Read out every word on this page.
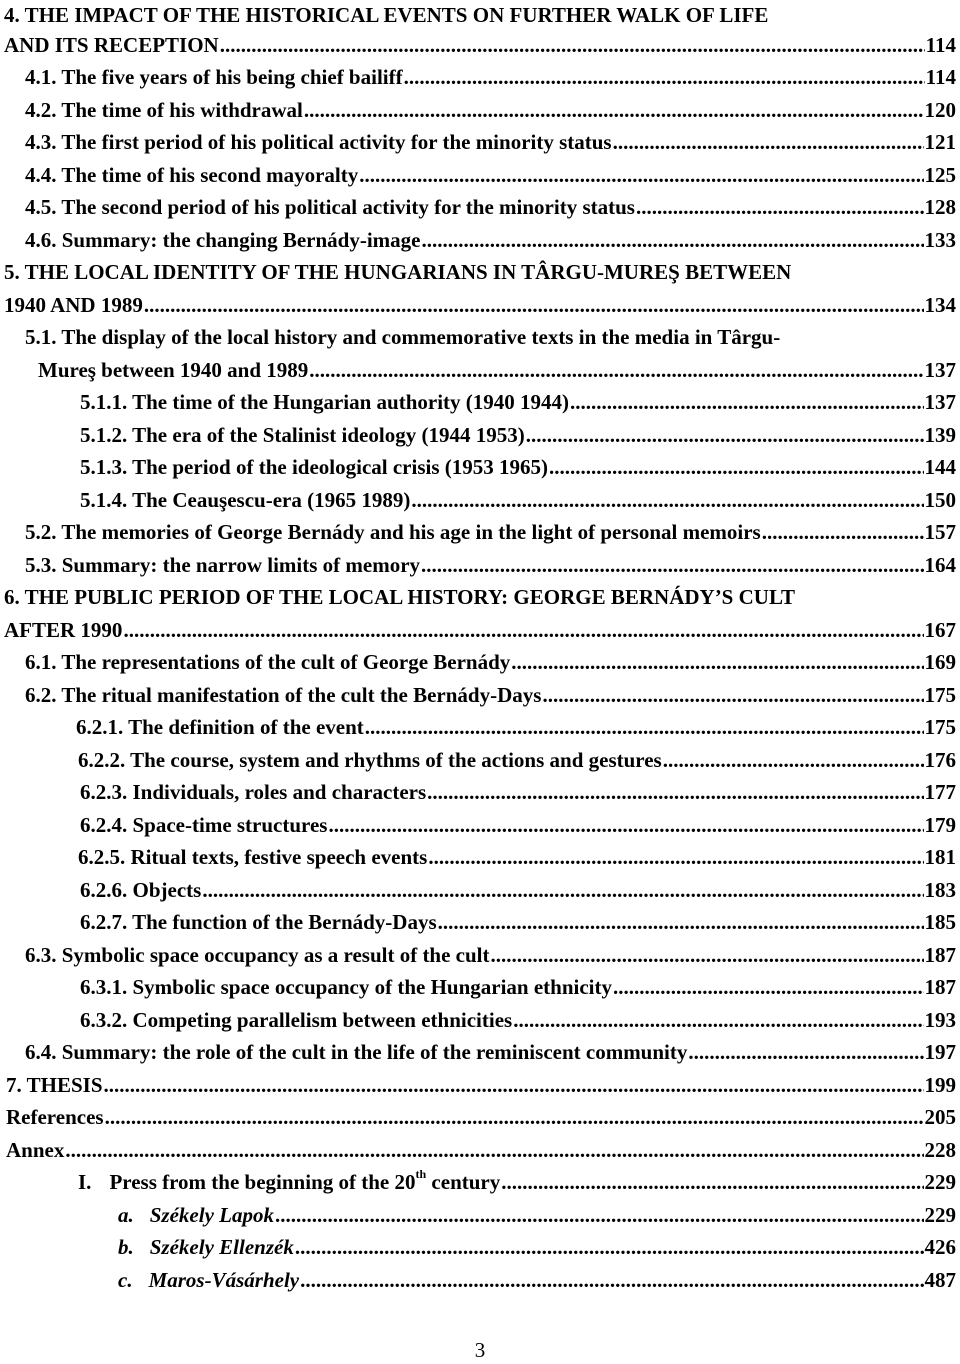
4. THE IMPACT OF THE HISTORICAL EVENTS ON FURTHER WALK OF LIFE
AND ITS RECEPTION .....	114
4.1. The five years of his being chief bailiff .....	114
4.2. The time of his withdrawal .....	120
4.3. The first period of his political activity for the minority status .....	121
4.4. The time of his second mayoralty .....	125
4.5. The second period of his political activity for the minority status .....	128
4.6. Summary: the changing Bernády-image .....	133
5. THE LOCAL IDENTITY OF THE HUNGARIANS IN TÂRGU-MUREŞ BETWEEN
1940 AND 1989 .....	134
5.1. The display of the local history and commemorative texts in the media in Târgu-
Mureş between 1940 and 1989 .....	137
5.1.1. The time of the Hungarian authority (1940 1944) .....	137
5.1.2. The era of the Stalinist ideology (1944 1953) .....	139
5.1.3. The period of the ideological crisis (1953 1965) .....	144
5.1.4. The Ceauşescu-era (1965 1989) .....	150
5.2. The memories of George Bernády and his age in the light of personal memoirs .....	157
5.3. Summary: the narrow limits of memory .....	164
6. THE PUBLIC PERIOD OF THE LOCAL HISTORY: GEORGE BERNÁDY’S CULT
AFTER 1990 .....	167
6.1. The representations of the cult of George Bernády .....	169
6.2. The ritual manifestation of the cult the Bernády-Days .....	175
6.2.1. The definition of the event .....	175
6.2.2. The course, system and rhythms of the actions and gestures .....	176
6.2.3. Individuals, roles and characters .....	177
6.2.4. Space-time structures .....	179
6.2.5. Ritual texts, festive speech events .....	181
6.2.6. Objects .....	183
6.2.7. The function of the Bernády-Days .....	185
6.3. Symbolic space occupancy as a result of the cult .....	187
6.3.1. Symbolic space occupancy of the Hungarian ethnicity .....	187
6.3.2. Competing parallelism between ethnicities .....	193
6.4. Summary: the role of the cult in the life of the reminiscent community .....	197
7. THESIS .....	199
References .....	205
Annex .....	228
I. Press from the beginning of the 20th century .....	229
a. Székely Lapok .....	229
b. Székely Ellenzék .....	426
c. Maros-Vásárhely .....	487
3
